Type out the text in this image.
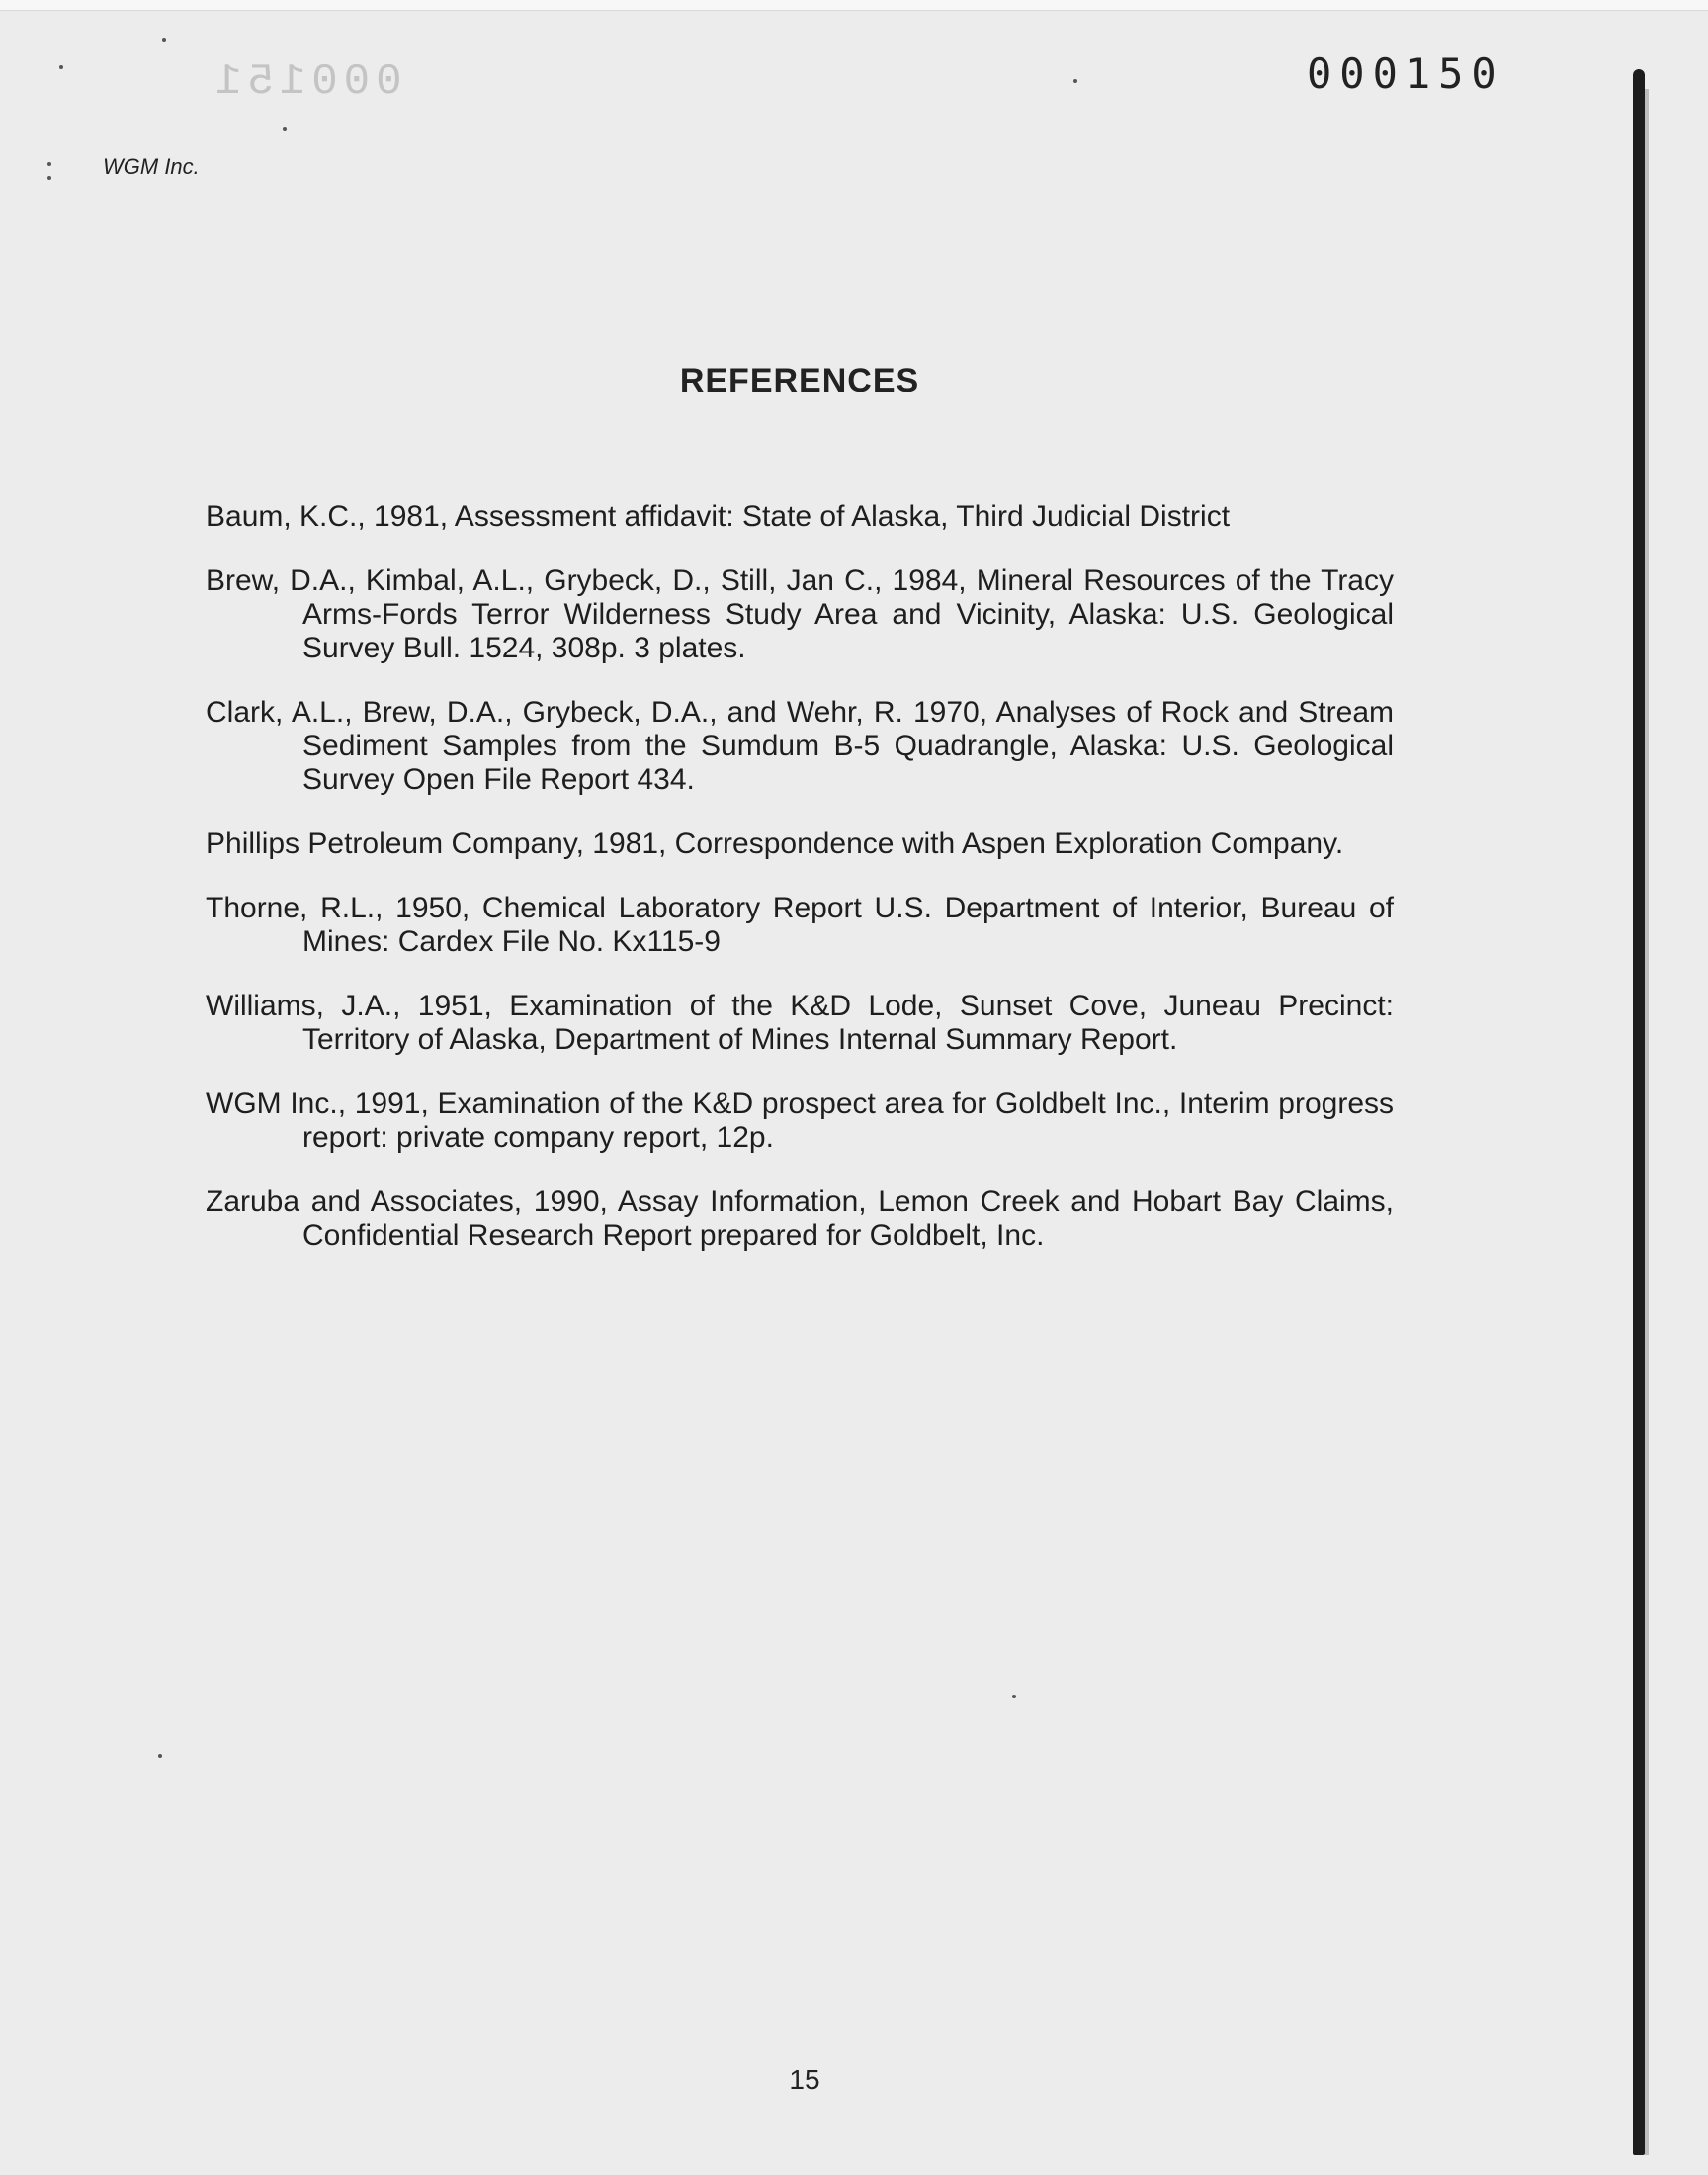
000151	000150
WGM Inc.
REFERENCES
Baum, K.C., 1981, Assessment affidavit: State of Alaska, Third Judicial District
Brew, D.A., Kimbal, A.L., Grybeck, D., Still, Jan C., 1984, Mineral Resources of the Tracy Arms-Fords Terror Wilderness Study Area and Vicinity, Alaska: U.S. Geological Survey Bull. 1524, 308p. 3 plates.
Clark, A.L., Brew, D.A., Grybeck, D.A., and Wehr, R. 1970, Analyses of Rock and Stream Sediment Samples from the Sumdum B-5 Quadrangle, Alaska: U.S. Geological Survey Open File Report 434.
Phillips Petroleum Company, 1981, Correspondence with Aspen Exploration Company.
Thorne, R.L., 1950, Chemical Laboratory Report U.S. Department of Interior, Bureau of Mines: Cardex File No. Kx115-9
Williams, J.A., 1951, Examination of the K&D Lode, Sunset Cove, Juneau Precinct: Territory of Alaska, Department of Mines Internal Summary Report.
WGM Inc., 1991, Examination of the K&D prospect area for Goldbelt Inc., Interim progress report: private company report, 12p.
Zaruba and Associates, 1990, Assay Information, Lemon Creek and Hobart Bay Claims, Confidential Research Report prepared for Goldbelt, Inc.
15
